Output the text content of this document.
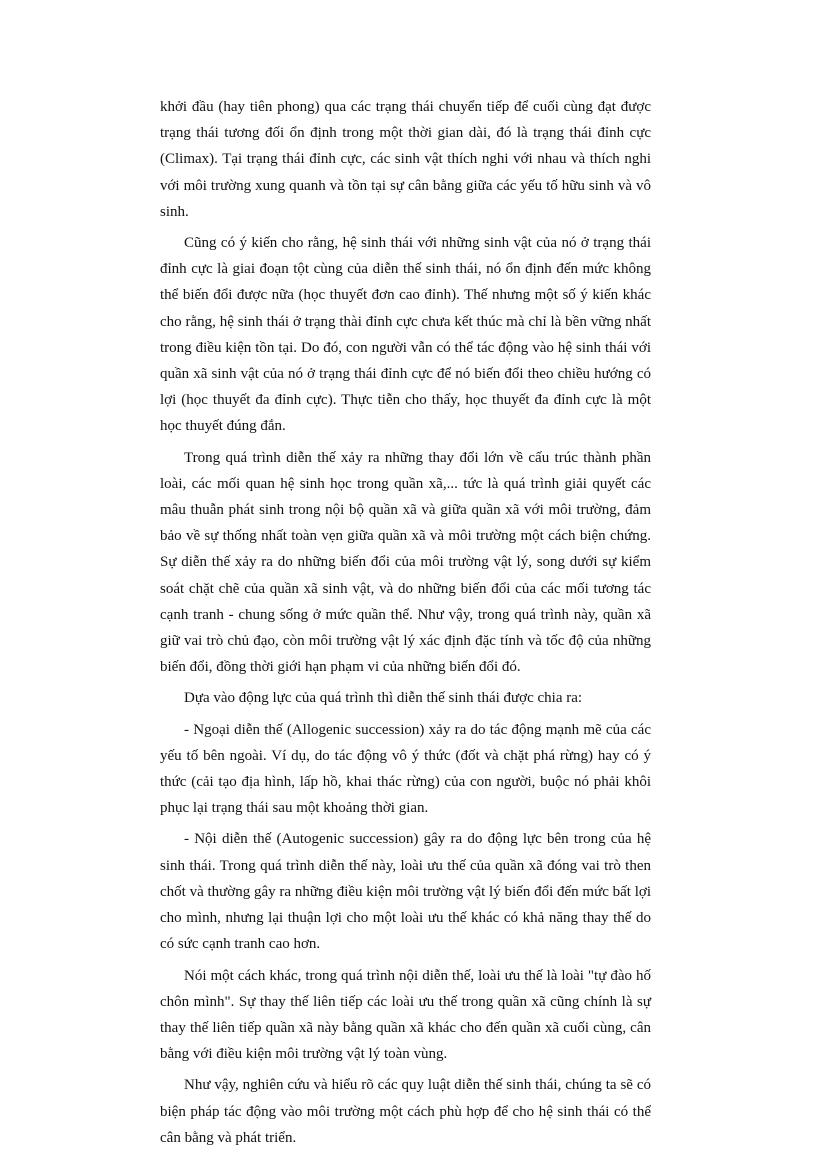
khởi đầu (hay tiên phong) qua các trạng thái chuyển tiếp để cuối cùng đạt được trạng thái tương đối ổn định trong một thời gian dài, đó là trạng thái đỉnh cực (Climax). Tại trạng thái đỉnh cực, các sinh vật thích nghi với nhau và thích nghi với môi trường xung quanh và tồn tại sự cân bằng giữa các yếu tố hữu sinh và vô sinh.

Cũng có ý kiến cho rằng, hệ sinh thái với những sinh vật của nó ở trạng thái đỉnh cực là giai đoạn tột cùng của diễn thế sinh thái, nó ổn định đến mức không thể biến đổi được nữa (học thuyết đơn cao đỉnh). Thế nhưng một số ý kiến khác cho rằng, hệ sinh thái ở trạng thài đỉnh cực chưa kết thúc mà chỉ là bền vững nhất trong điều kiện tồn tại. Do đó, con người vẫn có thể tác động vào hệ sinh thái với quần xã sinh vật của nó ở trạng thái đỉnh cực để nó biến đổi theo chiều hướng có lợi (học thuyết đa đỉnh cực). Thực tiễn cho thấy, học thuyết đa đỉnh cực là một học thuyết đúng đắn.

Trong quá trình diễn thế xảy ra những thay đổi lớn về cấu trúc thành phần loài, các mối quan hệ sinh học trong quần xã,... tức là quá trình giải quyết các mâu thuẫn phát sinh trong nội bộ quần xã và giữa quần xã với môi trường, đảm bảo về sự thống nhất toàn vẹn giữa quần xã và môi trường một cách biện chứng. Sự diễn thế xảy ra do những biến đổi của môi trường vật lý, song dưới sự kiểm soát chặt chẽ của quần xã sinh vật, và do những biến đổi của các mối tương tác cạnh tranh - chung sống ở mức quần thể. Như vậy, trong quá trình này, quần xã giữ vai trò chủ đạo, còn môi trường vật lý xác định đặc tính và tốc độ của những biến đổi, đồng thời giới hạn phạm vi của những biến đổi đó.

Dựa vào động lực của quá trình thì diễn thế sinh thái được chia ra:

- Ngoại diễn thế (Allogenic succession) xảy ra do tác động mạnh mẽ của các yếu tố bên ngoài. Ví dụ, do tác động vô ý thức (đốt và chặt phá rừng) hay có ý thức (cải tạo địa hình, lấp hồ, khai thác rừng) của con người, buộc nó phải khôi phục lại trạng thái sau một khoảng thời gian.

- Nội diễn thế (Autogenic succession) gây ra do động lực bên trong của hệ sinh thái. Trong quá trình diễn thế này, loài ưu thế của quần xã đóng vai trò then chốt và thường gây ra những điều kiện môi trường vật lý biến đổi đến mức bất lợi cho mình, nhưng lại thuận lợi cho một loài ưu thế khác có khả năng thay thế do có sức cạnh tranh cao hơn.

Nói một cách khác, trong quá trình nội diễn thế, loài ưu thế là loài "tự đào hố chôn mình". Sự thay thế liên tiếp các loài ưu thế trong quần xã cũng chính là sự thay thế liên tiếp quần xã này bằng quần xã khác cho đến quần xã cuối cùng, cân bằng với điều kiện môi trường vật lý toàn vùng.

Như vậy, nghiên cứu và hiểu rõ các quy luật diễn thế sinh thái, chúng ta sẽ có biện pháp tác động vào môi trường một cách phù hợp để cho hệ sinh thái có thể cân bằng và phát triển.
